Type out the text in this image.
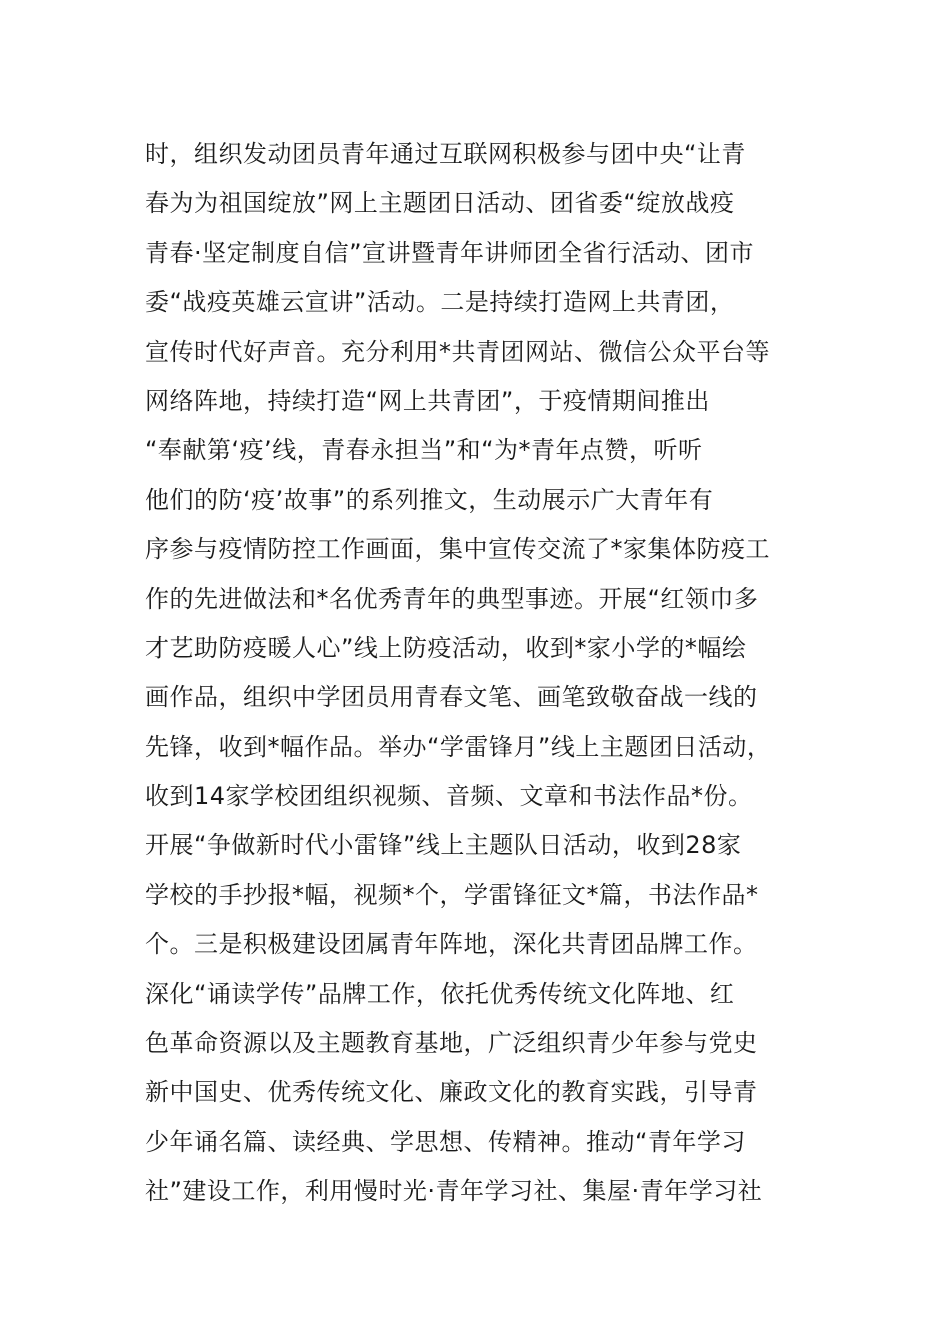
时，组织发动团员青年通过互联网积极参与团中央“让青
春为为祖国绽放”网上主题团日活动、团省委“绽放战疫
青春·坚定制度自信”宣讲暨青年讲师团全省行活动、团市
委“战疫英雄云宣讲”活动。二是持续打造网上共青团，
宣传时代好声音。充分利用*共青团网站、微信公众平台等
网络阵地，持续打造“网上共青团”，于疫情期间推出
“奉献第‘疫’线，青春永担当”和“为*青年点赞，听听
他们的防‘疫’故事”的系列推文，生动展示广大青年有
序参与疫情防控工作画面，集中宣传交流了*家集体防疫工
作的先进做法和*名优秀青年的典型事迹。开展“红领巾多
才艺助防疫暖人心”线上防疫活动，收到*家小学的*幅绘
画作品，组织中学团员用青春文笔、画笔致敬奋战一线的
先锋，收到*幅作品。举办“学雷锋月”线上主题团日活动，
收到14家学校团组织视频、音频、文章和书法作品*份。
开展“争做新时代小雷锋”线上主题队日活动，收到28家
学校的手抄报*幅，视频*个，学雷锋征文*篇，书法作品*
个。三是积极建设团属青年阵地，深化共青团品牌工作。
深化“诵读学传”品牌工作，依托优秀传统文化阵地、红
色革命资源以及主题教育基地，广泛组织青少年参与党史
新中国史、优秀传统文化、廉政文化的教育实践，引导青
少年诵名篇、读经典、学思想、传精神。推动“青年学习
社”建设工作，利用慢时光·青年学习社、集屋·青年学习社
